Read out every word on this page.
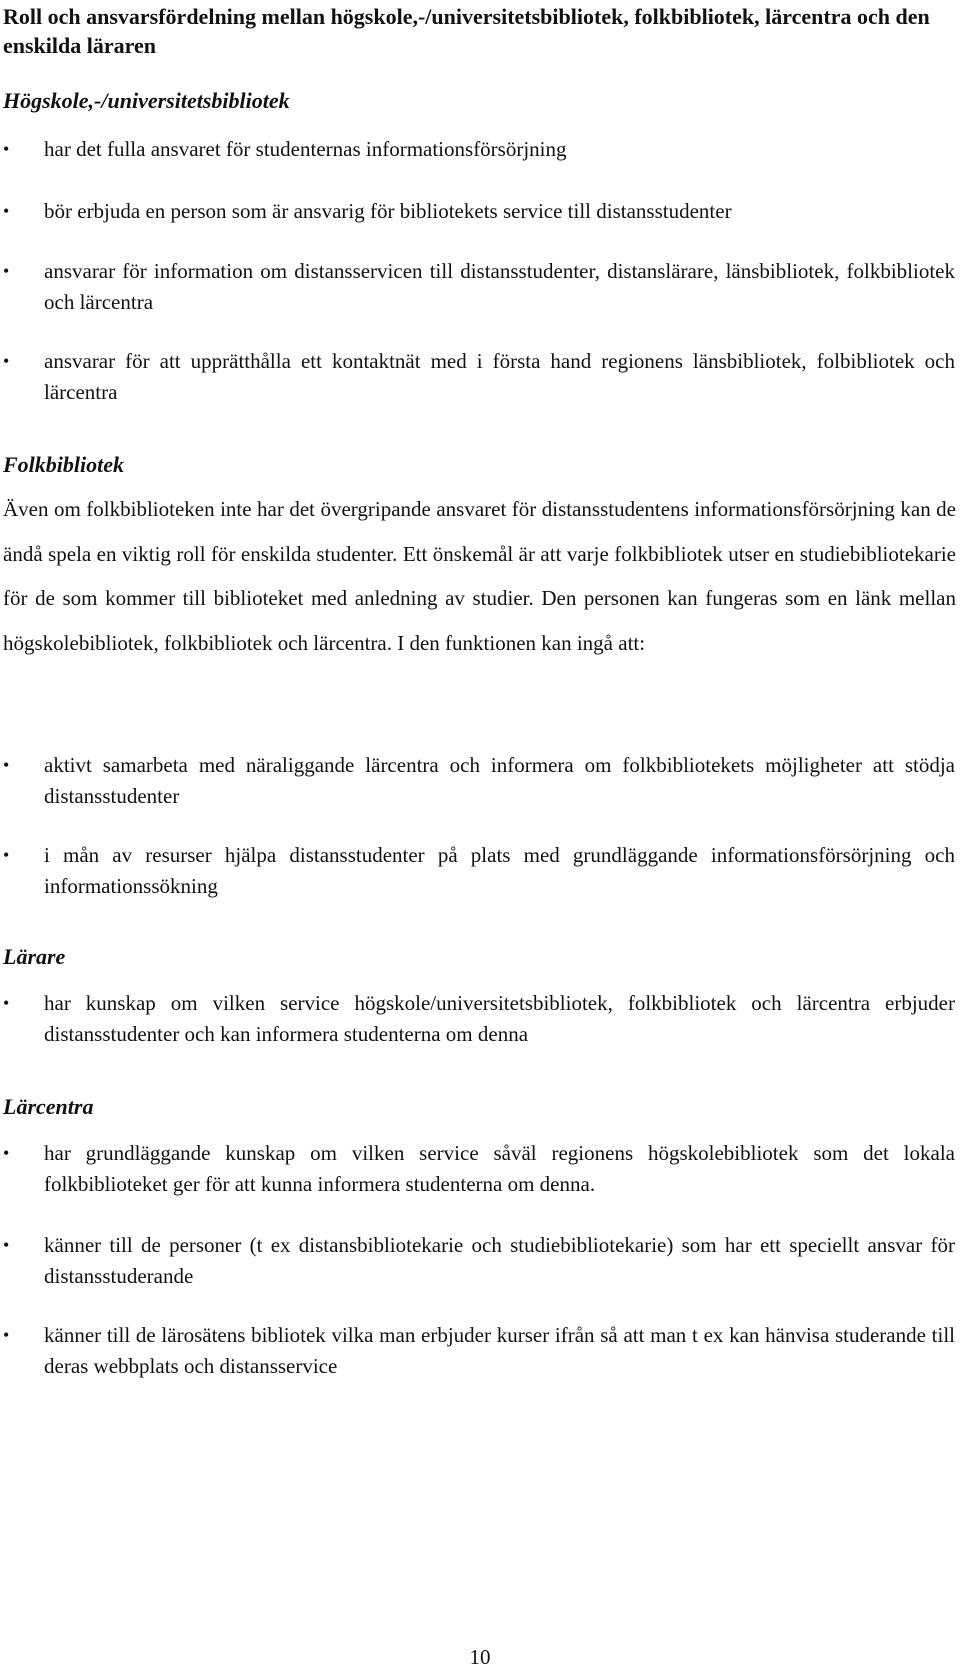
Roll och ansvarsfördelning mellan högskole,-/universitetsbibliotek, folkbibliotek, lärcentra och den enskilda läraren
Högskole,-/universitetsbibliotek
•	har det fulla ansvaret för studenternas informationsförsörjning
•	bör erbjuda en person som är ansvarig för bibliotekets service till distansstudenter
•	ansvarar för information om distansservicen till distansstudenter, distanslärare, länsbibliotek, folkbibliotek och lärcentra
•	ansvarar för att upprätthålla ett kontaktnät med i första hand regionens länsbibliotek, folbibliotek och lärcentra
Folkbibliotek

Även om folkbiblioteken inte har det övergripande ansvaret för distansstudentens informationsförsörjning kan de ändå spela en viktig roll för enskilda studenter. Ett önskemål är att varje folkbibliotek utser en studiebibliotekarie för de som kommer till biblioteket med anledning av studier. Den personen kan fungeras som en länk mellan högskolebibliotek, folkbibliotek och lärcentra. I den funktionen kan ingå att:

•	aktivt samarbeta med näraliggande lärcentra och informera om folkbibliotekets möjligheter att stödja distansstudenter
•	i mån av resurser hjälpa distansstudenter på plats med grundläggande informationsförsörjning och informationssökning
Lärare
•	har kunskap om vilken service högskole/universitetsbibliotek, folkbibliotek och lärcentra erbjuder distansstudenter och kan informera studenterna om denna
Lärcentra
•	har grundläggande kunskap om vilken service såväl regionens högskolebibliotek som det lokala folkbiblioteket ger för att kunna informera studenterna om denna.
•	känner till de personer (t ex distansbibliotekarie och studiebibliotekarie) som har ett speciellt ansvar för distansstuderande
•	känner till de lärosätens bibliotek vilka man erbjuder kurser ifrån så att man t ex kan hänvisa studerande till deras webbplats och distansservice
10
